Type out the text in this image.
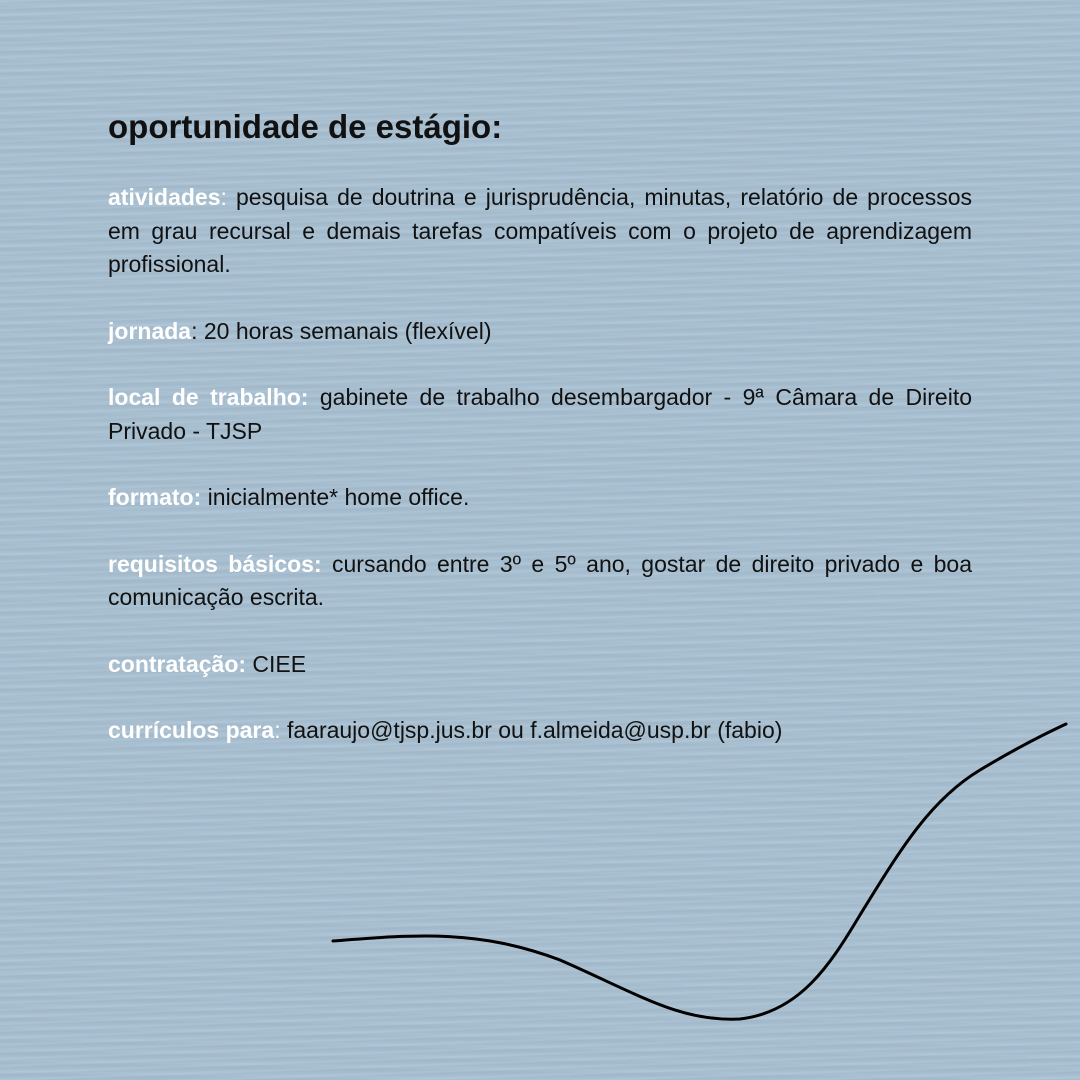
oportunidade de estágio:

atividades: pesquisa de doutrina e jurisprudência, minutas, relatório de processos em grau recursal e demais tarefas compatíveis com o projeto de aprendizagem profissional.

jornada: 20 horas semanais (flexível)

local de trabalho: gabinete de trabalho desembargador - 9ª Câmara de Direito Privado - TJSP

formato: inicialmente* home office.

requisitos básicos: cursando entre 3º e 5º ano, gostar de direito privado e boa comunicação escrita.

contratação: CIEE

currículos para: faaraujo@tjsp.jus.br ou f.almeida@usp.br (fabio)
